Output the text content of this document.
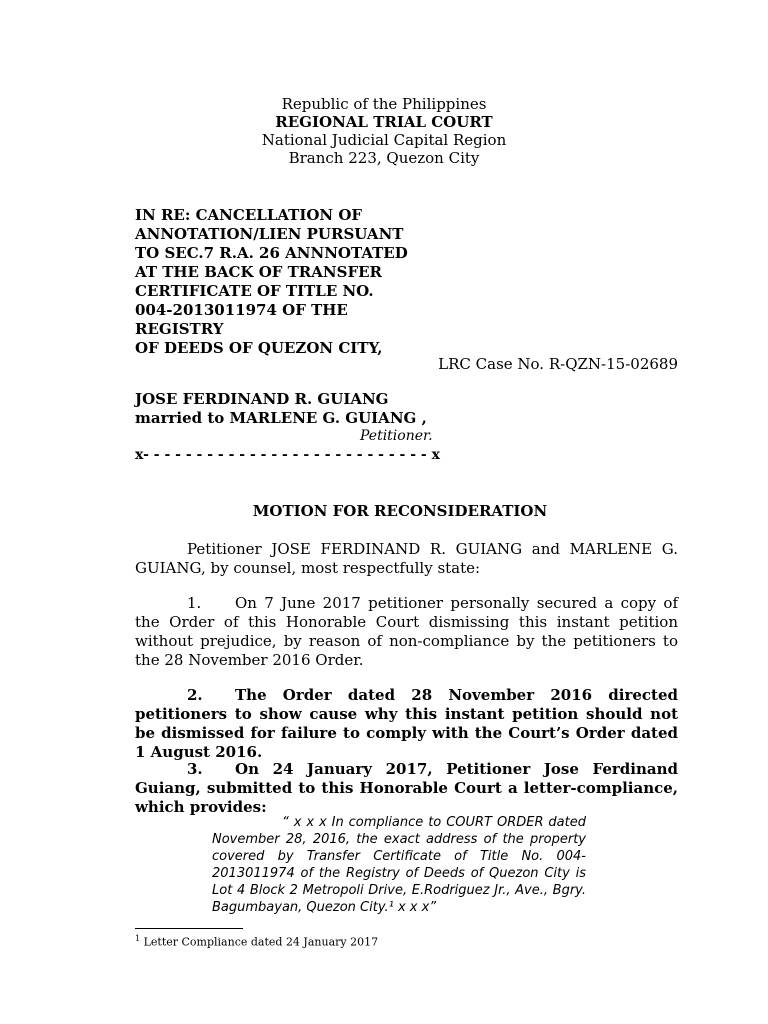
Republic of the Philippines
REGIONAL TRIAL COURT
National Judicial Capital Region
Branch 223, Quezon City
IN RE: CANCELLATION OF
ANNOTATION/LIEN PURSUANT
TO SEC.7 R.A. 26 ANNNOTATED
AT THE BACK OF TRANSFER
CERTIFICATE OF TITLE NO.
004-2013011974 OF THE REGISTRY
OF DEEDS OF QUEZON CITY,
LRC Case No. R-QZN-15-02689
JOSE FERDINAND R. GUIANG
married to MARLENE G. GUIANG ,
Petitioner.
x- - - - - - - - - - - - - - - - - - - - - - - - - - - x
MOTION FOR RECONSIDERATION
Petitioner JOSE FERDINAND R. GUIANG and MARLENE G. GUIANG, by counsel, most respectfully state:
1. On 7 June 2017 petitioner personally secured a copy of the Order of this Honorable Court dismissing this instant petition without prejudice, by reason of non-compliance by the petitioners to the 28 November 2016 Order.
2. The Order dated 28 November 2016 directed petitioners to show cause why this instant petition should not be dismissed for failure to comply with the Court’s Order dated 1 August 2016.
3. On 24 January 2017, Petitioner Jose Ferdinand Guiang, submitted to this Honorable Court a letter-compliance, which provides:
“ x x x In compliance to COURT ORDER dated November 28, 2016, the exact address of the property covered by Transfer Certificate of Title No. 004-2013011974 of the Registry of Deeds of Quezon City is Lot 4 Block 2 Metropoli Drive, E.Rodriguez Jr., Ave., Bgry. Bagumbayan, Quezon City.¹ x x x”
$^1$ Letter Compliance dated 24 January 2017
